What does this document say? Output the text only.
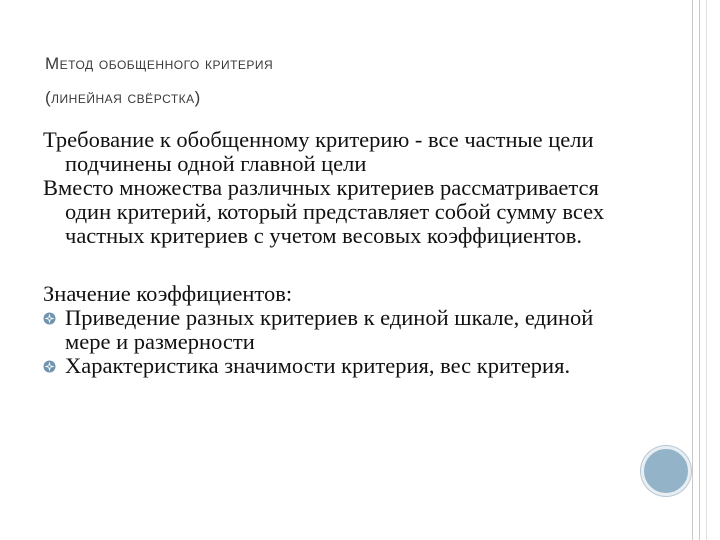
Метод обобщенного критерия
(линейная свёрстка)

Требование к обобщенному критерию - все частные цели подчинены одной главной цели

Вместо множества различных критериев рассматривается один критерий, который представляет собой сумму всех частных критериев с учетом весовых коэффициентов.

Значение коэффициентов:

Приведение разных критериев к единой шкале, единой мере и размерности
Характеристика значимости критерия, вес критерия.
